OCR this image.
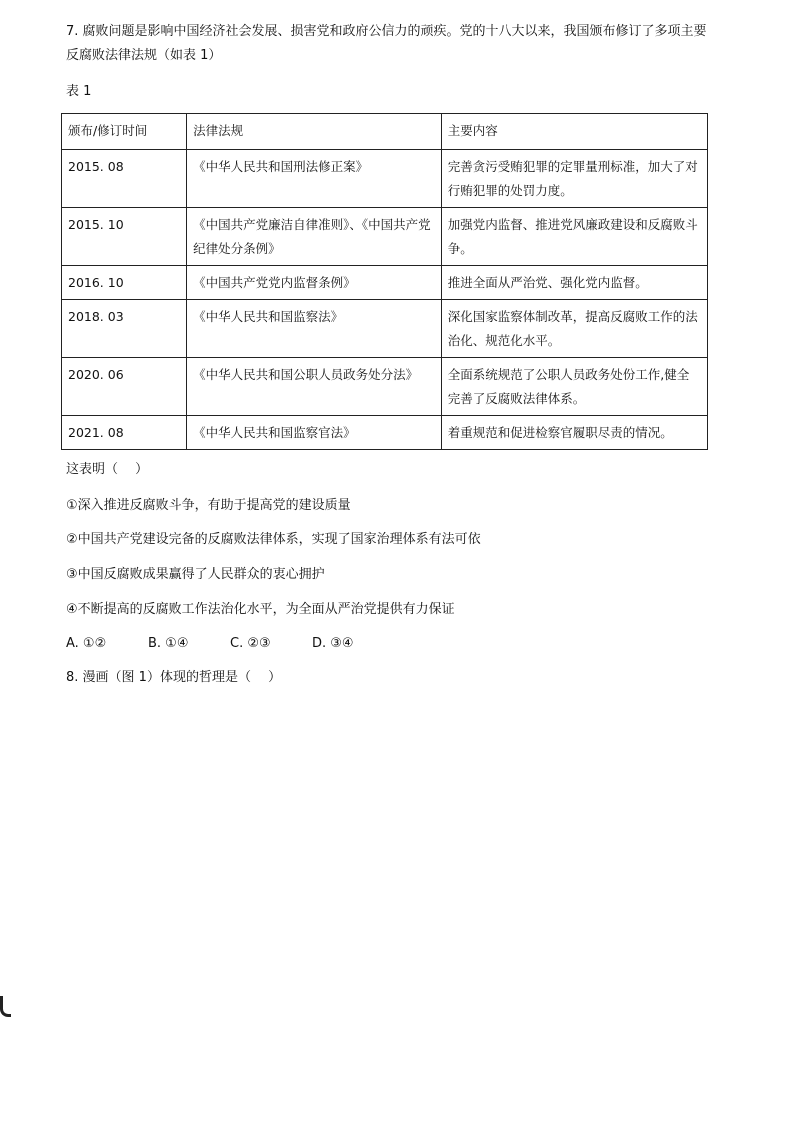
7. 腐败问题是影响中国经济社会发展、损害党和政府公信力的顽疾。党的十八大以来，我国颁布修订了多项主要反腐败法律法规（如表 1）
表 1
颁布/修订时间	法律法规	主要内容
2015. 08	《中华人民共和国刑法修正案》	完善贪污受贿犯罪的定罪量刑标准，加大了对行贿犯罪的处罚力度。
2015. 10	《中国共产党廉洁自律准则》、《中国共产党纪律处分条例》	加强党内监督、推进党风廉政建设和反腐败斗争。
2016. 10	《中国共产党党内监督条例》	推进全面从严治党、强化党内监督。
2018. 03	《中华人民共和国监察法》	深化国家监察体制改革，提高反腐败工作的法治化、规范化水平。
2020. 06	《中华人民共和国公职人员政务处分法》	全面系统规范了公职人员政务处份工作,健全完善了反腐败法律体系。
2021. 08	《中华人民共和国监察官法》	着重规范和促进检察官履职尽责的情况。
这表明（　 ）
①深入推进反腐败斗争，有助于提高党的建设质量
②中国共产党建设完备的反腐败法律体系，实现了国家治理体系有法可依
③中国反腐败成果赢得了人民群众的衷心拥护
④不断提高的反腐败工作法治化水平，为全面从严治党提供有力保证
A. ①②	B. ①④	C. ②③	D. ③④
8. 漫画（图 1）体现的哲理是（　 ）
